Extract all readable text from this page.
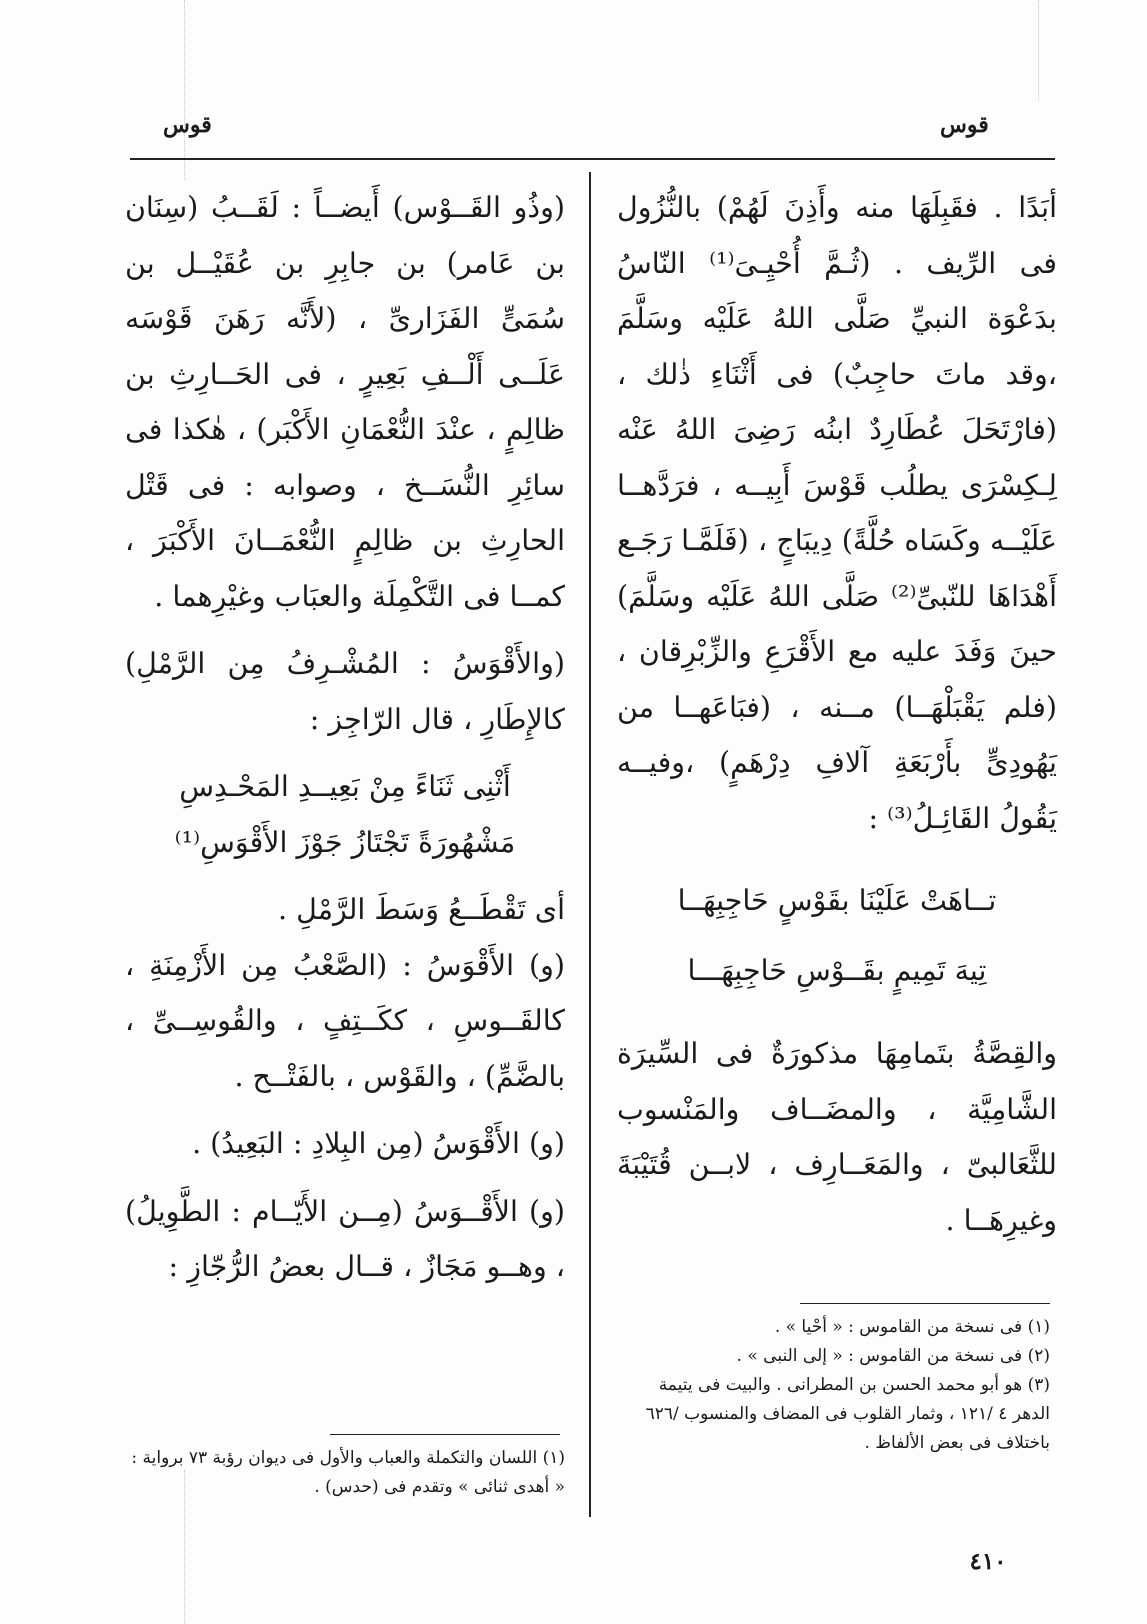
قوس
قوس

أبَدًا . فقَبِلَهَا منه وأَذِنَ لَهُمْ) بالنُّزُول فى الرِّيف . (ثُـمَّ أُحْيِـىَ⁽¹⁾ النّاسُ بدَعْوَة النبيِّ صَلَّى اللهُ عَلَيْه وسَلَّمَ ،وقد ماتَ حاجِبٌ) فى أَثْنَاءِ ذٰلك ، (فارْتَحَلَ عُطَارِدٌ ابنُه رَضِىَ اللهُ عَنْه لِـكِسْرَى يطلُب قَوْسَ أَبِيــه ، فرَدَّهــا عَلَيْــه وكَسَاه حُلَّةً) دِيبَاجٍ ، (فَلَمَّـا رَجَـع أَهْدَاهَا للنّبىِّ⁽²⁾ صَلَّى اللهُ عَلَيْه وسَلَّمَ) حينَ وَفَدَ عليه مع الأَقْرَعِ والزِّبْرِقان ، (فلم يَقْبَلْهَــا) مــنه ، (فبَاعَهــا من يَهُودِىٍّ بأَرْبَعَةِ آلافِ دِرْهَمٍ) ،وفيــه يَقُولُ القَائِـلُ⁽³⁾ :

تــاهَتْ عَلَيْنَا بقَوْسٍ حَاجِبِهَــا

تِيهَ تَمِيمٍ بقَــوْسِ حَاجِبِهَـــا

والقِصَّةُ بتَمامِهَا مذكورَةٌ فى السِّيرَة الشَّامِيَّة ، والمضَــاف والمَنْسوب للثَّعَالبىّ ، والمَعَــارِف ، لابــن قُتَيْبَةَ وغيرِهَــا .

(وذُو القَــوْس) أَيضــاً : لَقَــبُ (سِنَان بن عَامر) بن جابِرِ بن عُقَيْــل بن سُمَىٍّ الفَزَارىِّ ، (لأَنَّه رَهَنَ قَوْسَه عَلَــى أَلْــفِ بَعِيرٍ ، فى الحَــارِثِ بن ظالِمٍ ، عنْدَ النُّعْمَانِ الأَكْبَر) ، هٰكذا فى سائِرِ النُّسَــخ ، وصوابه : فى قَتْل الحارِثِ بن ظالِمٍ النُّعْمَــانَ الأَكْبَرَ ، كمــا فى التَّكْمِلَة والعبَاب وغيْرِهما .

(والأَقْوَسُ : المُشْـرِفُ مِن الرَّمْلِ) كالإِطَارِ ، قال الرّاجِز :

أَثْنِى ثَنَاءً مِنْ بَعِيــدِ المَحْـدِسِ

مَشْهُورَةً تَجْتَازُ جَوْزَ الأَقْوَسِ⁽¹⁾

أى تَقْطَــعُ وَسَطَ الرَّمْلِ .

(و) الأَقْوَسُ : (الصَّعْبُ مِن الأَزْمِنَةِ ، كالقَــوسِ ، ككَــتِفٍ ، والقُوسِــىِّ ، بالضَّمِّ) ، والقَوْس ، بالفَتْــح .

(و) الأَقْوَسُ (مِن البِلادِ : البَعِيدُ) .

(و) الأَقْــوَسُ (مِــن الأَيّــام : الطَّوِيلُ) ، وهــو مَجَازٌ ، قــال بعضُ الرُّجّازِ :

(١) فى نسخة من القاموس : « أحْيا » .

(٢) فى نسخة من القاموس : « إلى النبى » .

(٣) هو أبو محمد الحسن بن المطرانى . والبيت فى يتيمة الدهر ٤ /١٢١ ، وثمار القلوب فى المضاف والمنسوب /٦٢٦ باختلاف فى بعض الألفاظ .

(١) اللسان والتكملة والعباب والأول فى ديوان رؤبة ٧٣ برواية : « أهدى ثنائى » وتقدم فى (حدس) .

٤١٠
